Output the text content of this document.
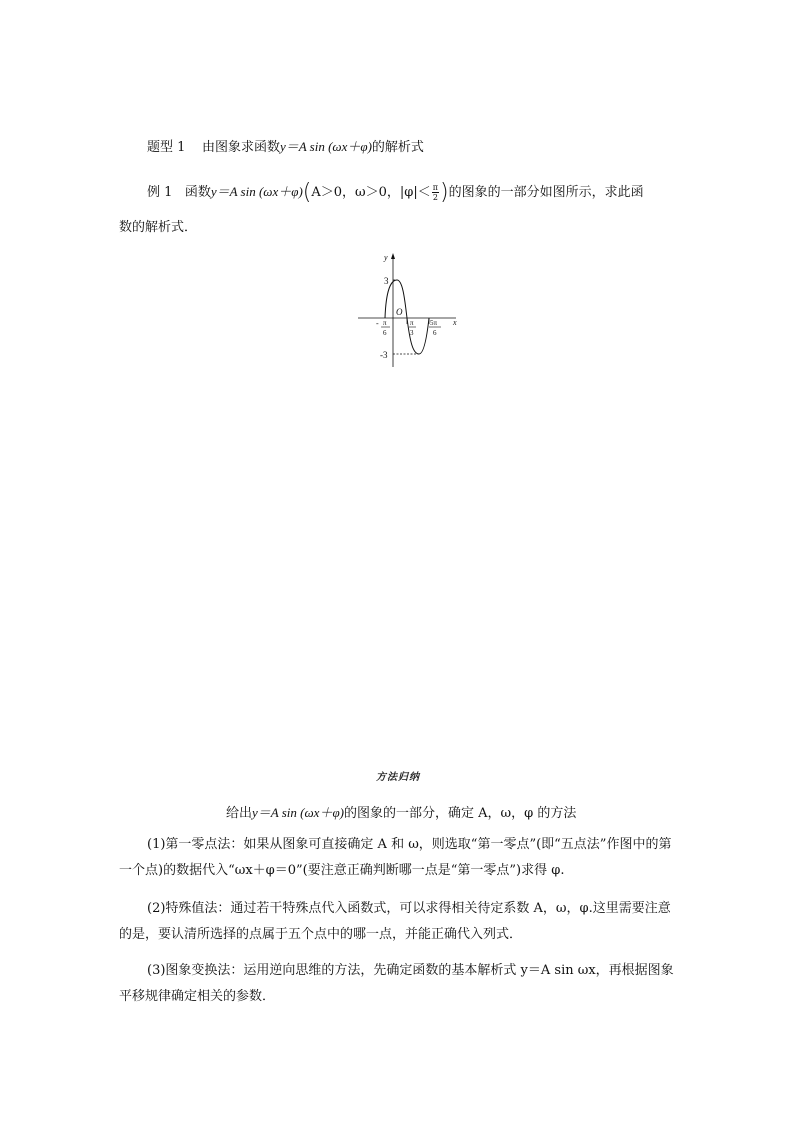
题型 1 由图象求函数y＝A sin (ωx＋φ)的解析式
例 1 函数y＝A sin (ωx＋φ)(A＞0，ω＞0，$|\varphi|< \frac{\pi}{2}$ )的图象的一部分如图所示，求此函
数的解析式．
x
y
O
3
-3
- π
6
π
3
5π
6
方法归纳
给出y＝A sin (ωx＋φ)的图象的一部分，确定 A，ω，φ 的方法
(1)第一零点法：如果从图象可直接确定 A 和 ω，则选取“第一零点”(即“五点法”作图中的第一个点)的数据代入“ωx＋φ＝0”(要注意正确判断哪一点是“第一零点”)求得 φ.
(2)特殊值法：通过若干特殊点代入函数式，可以求得相关待定系数 A，ω，φ.这里需要注意的是，要认清所选择的点属于五个点中的哪一点，并能正确代入列式．
(3)图象变换法：运用逆向思维的方法，先确定函数的基本解析式 y＝A sin ωx，再根据图象平移规律确定相关的参数．
